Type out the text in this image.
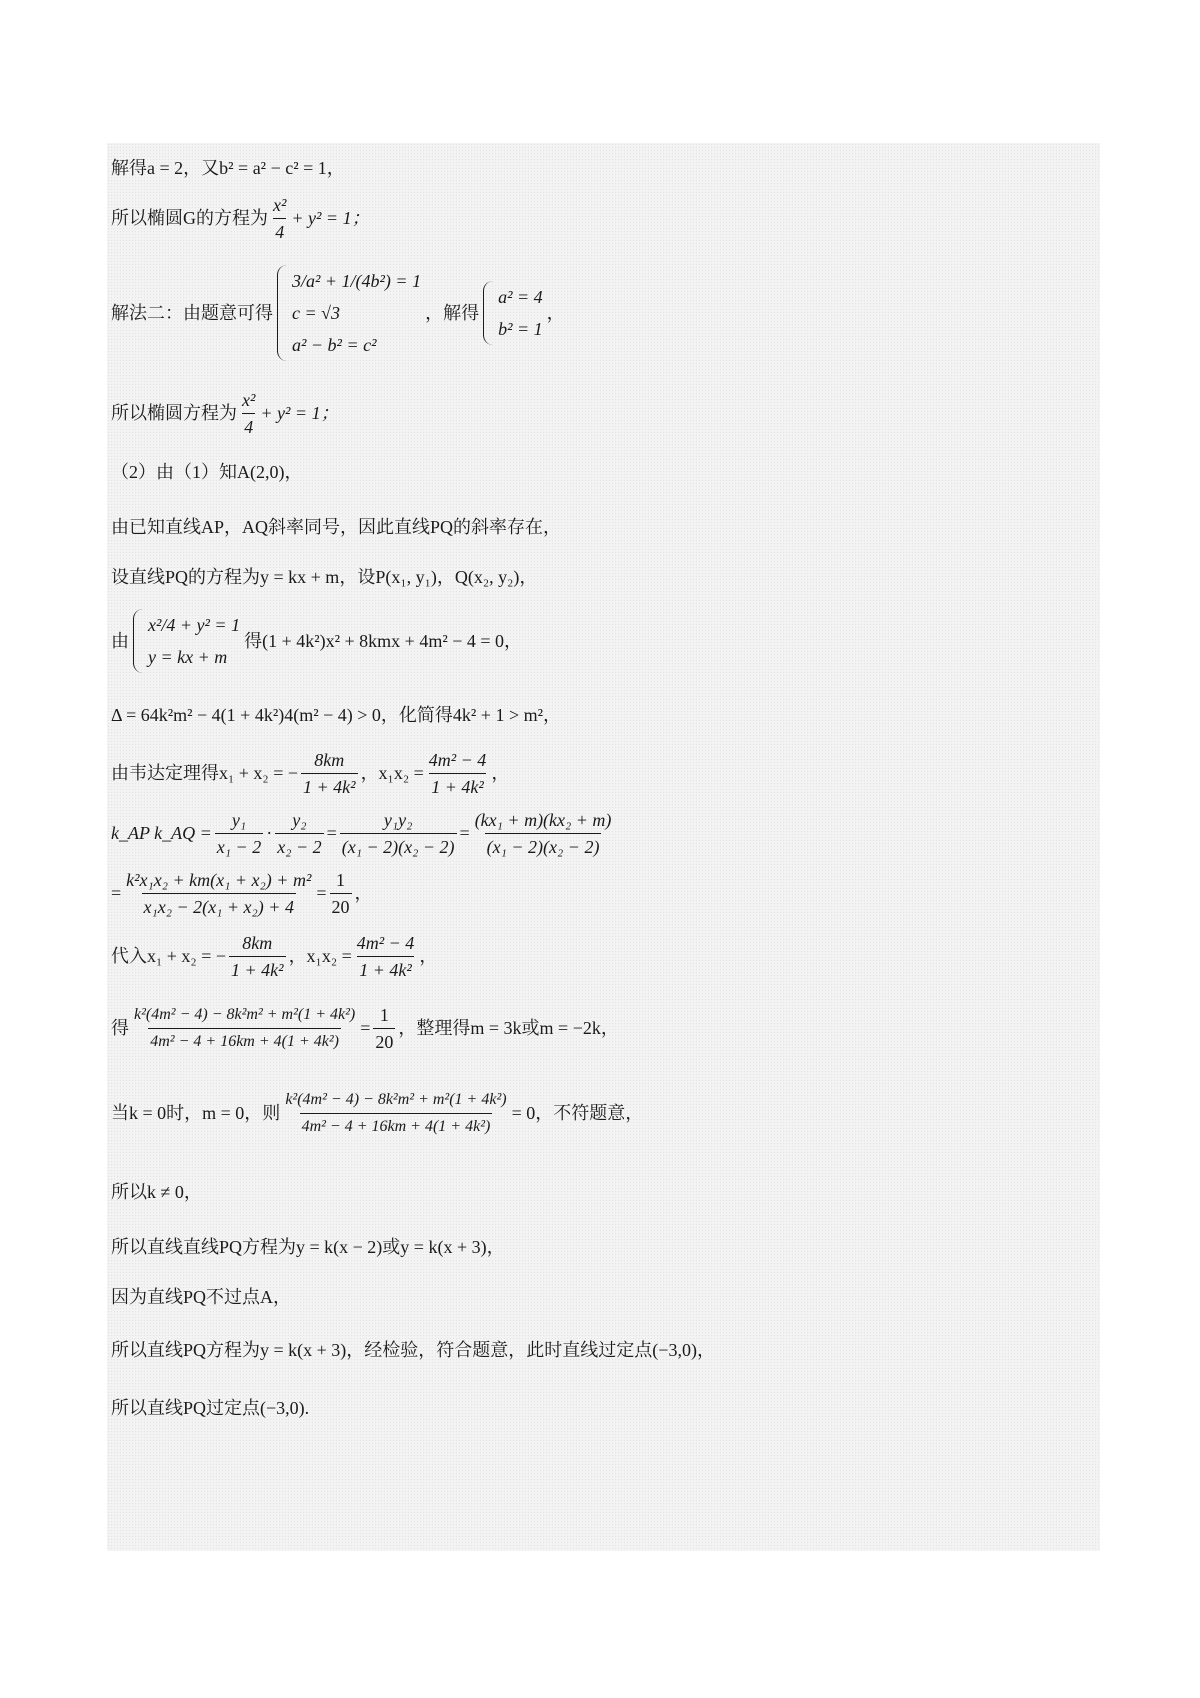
解得a = 2，又b² = a² − c² = 1，
所以椭圆G的方程为 $\frac{\text{x²}}{4} + y^2 = 1$；
解法二：由题意可得
3/a² + 1/(4b²) = 1
c = √3
a² − b² = c²
，解得
a² = 4
b² = 1
，
所以椭圆方程为 $\frac{\text{x²}}{4} + y^2 = 1$；
（2）由（1）知A(2,0)，
由已知直线AP，AQ斜率同号，因此直线PQ的斜率存在，
设直线PQ的方程为y = kx + m，设P(x₁, y₁)，Q(x₂, y₂)，
由
x²/4 + y² = 1
y = kx + m
得(1 + 4k²)x² + 8kmx + 4m² − 4 = 0，
Δ = 64k²m² − 4(1 + 4k²)4(m² − 4) > 0，化简得4k² + 1 > m²，
由韦达定理得x₁ + x₂ = − $\frac{8km}{\text{1 + 4k²}}$ ，$x_1x_2 = \frac{\text{4m² − 4}}{\text{1 + 4k²}}$ ，
k_AP k_AQ = $\frac{\text{y₁}}{\text{x₁ − 2}} \cdot \frac{\text{y₂}}{\text{x₂ − 2}} = \frac{\text{y₁y₂}}{\text{(x₁ − 2)(x₂ − 2)}} = \frac{\text{(kx₁ + m)(kx₂ + m)}}{\text{(x₁ − 2)(x₂ − 2)}}$
= $\frac{\text{k²x₁x₂ + km(x₁ + x₂) + m²}}{\text{x₁x₂ − 2(x₁ + x₂) + 4}} = \frac{1}{20}$ ，
代入x₁ + x₂ = − $\frac{8km}{\text{1 + 4k²}}$ ，$x_1x_2 = \frac{\text{4m² − 4}}{\text{1 + 4k²}}$ ，
得 $\frac{\text{k²(4m² − 4) − 8k²m² + m²(1 + 4k²)}}{\text{4m² − 4 + 16km + 4(1 + 4k²)}} = \frac{1}{20}$ ，整理得m = 3k或m = −2k，
当k = 0时，m = 0，则 $\frac{\text{k²(4m² − 4) − 8k²m² + m²(1 + 4k²)}}{\text{4m² − 4 + 16km + 4(1 + 4k²)}} = 0$，不符题意，
所以k ≠ 0，
所以直线直线PQ方程为y = k(x − 2)或y = k(x + 3)，
因为直线PQ不过点A，
所以直线PQ方程为y = k(x + 3)，经检验，符合题意，此时直线过定点(−3,0)，
所以直线PQ过定点(−3,0).
